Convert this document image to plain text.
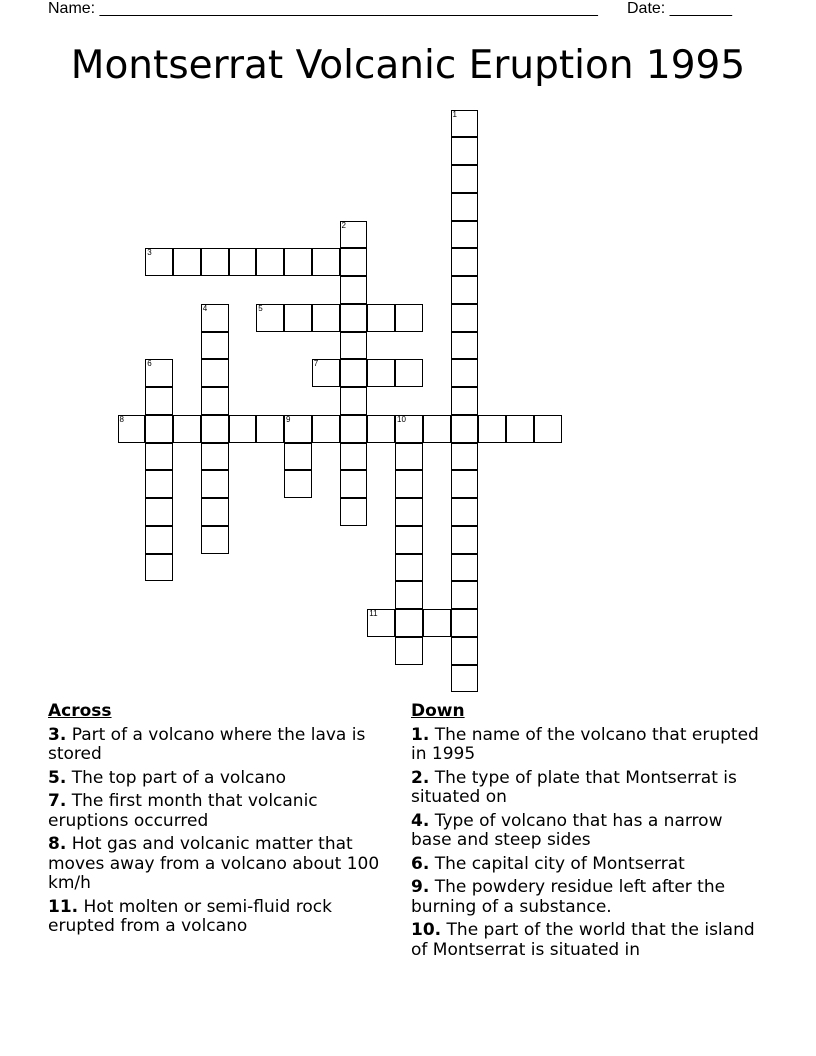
Name: ________________________________________________________ Date: _______
Montserrat Volcanic Eruption 1995
1
2
3
4	5
6	7
8	9	10
11
Across
3. Part of a volcano where the lava is stored
5. The top part of a volcano
7. The first month that volcanic eruptions occurred
8. Hot gas and volcanic matter that moves away from a volcano about 100 km/h
11. Hot molten or semi-fluid rock erupted from a volcano
Down
1. The name of the volcano that erupted in 1995
2. The type of plate that Montserrat is situated on
4. Type of volcano that has a narrow base and steep sides
6. The capital city of Montserrat
9. The powdery residue left after the burning of a substance.
10. The part of the world that the island of Montserrat is situated in
